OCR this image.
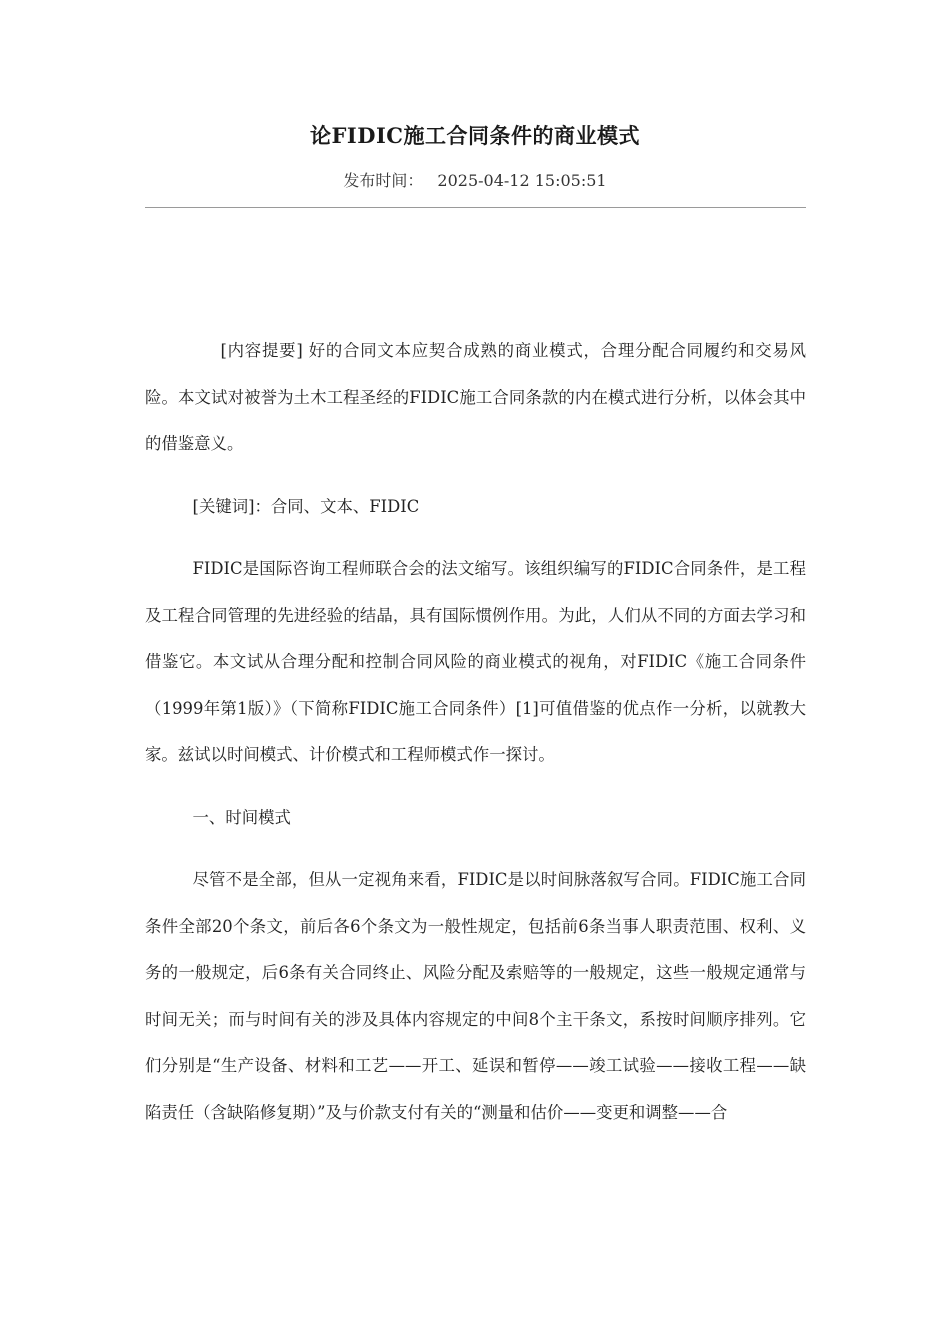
论FIDIC施工合同条件的商业模式
发布时间： 2025-04-12 15:05:51

[内容提要] 好的合同文本应契合成熟的商业模式，合理分配合同履约和交易风险。本文试对被誉为土木工程圣经的FIDIC施工合同条款的内在模式进行分析，以体会其中的借鉴意义。

[关键词]：合同、文本、FIDIC

FIDIC是国际咨询工程师联合会的法文缩写。该组织编写的FIDIC合同条件，是工程及工程合同管理的先进经验的结晶，具有国际惯例作用。为此，人们从不同的方面去学习和借鉴它。本文试从合理分配和控制合同风险的商业模式的视角，对FIDIC《施工合同条件（1999年第1版）》（下简称FIDIC施工合同条件）[1]可值借鉴的优点作一分析，以就教大家。兹试以时间模式、计价模式和工程师模式作一探讨。

一、时间模式

尽管不是全部，但从一定视角来看，FIDIC是以时间脉落叙写合同。FIDIC施工合同条件全部20个条文，前后各6个条文为一般性规定，包括前6条当事人职责范围、权利、义务的一般规定，后6条有关合同终止、风险分配及索赔等的一般规定，这些一般规定通常与时间无关；而与时间有关的涉及具体内容规定的中间8个主干条文，系按时间顺序排列。它们分别是“生产设备、材料和工艺——开工、延误和暂停——竣工试验——接收工程——缺陷责任（含缺陷修复期）”及与价款支付有关的“测量和估价——变更和调整——合
